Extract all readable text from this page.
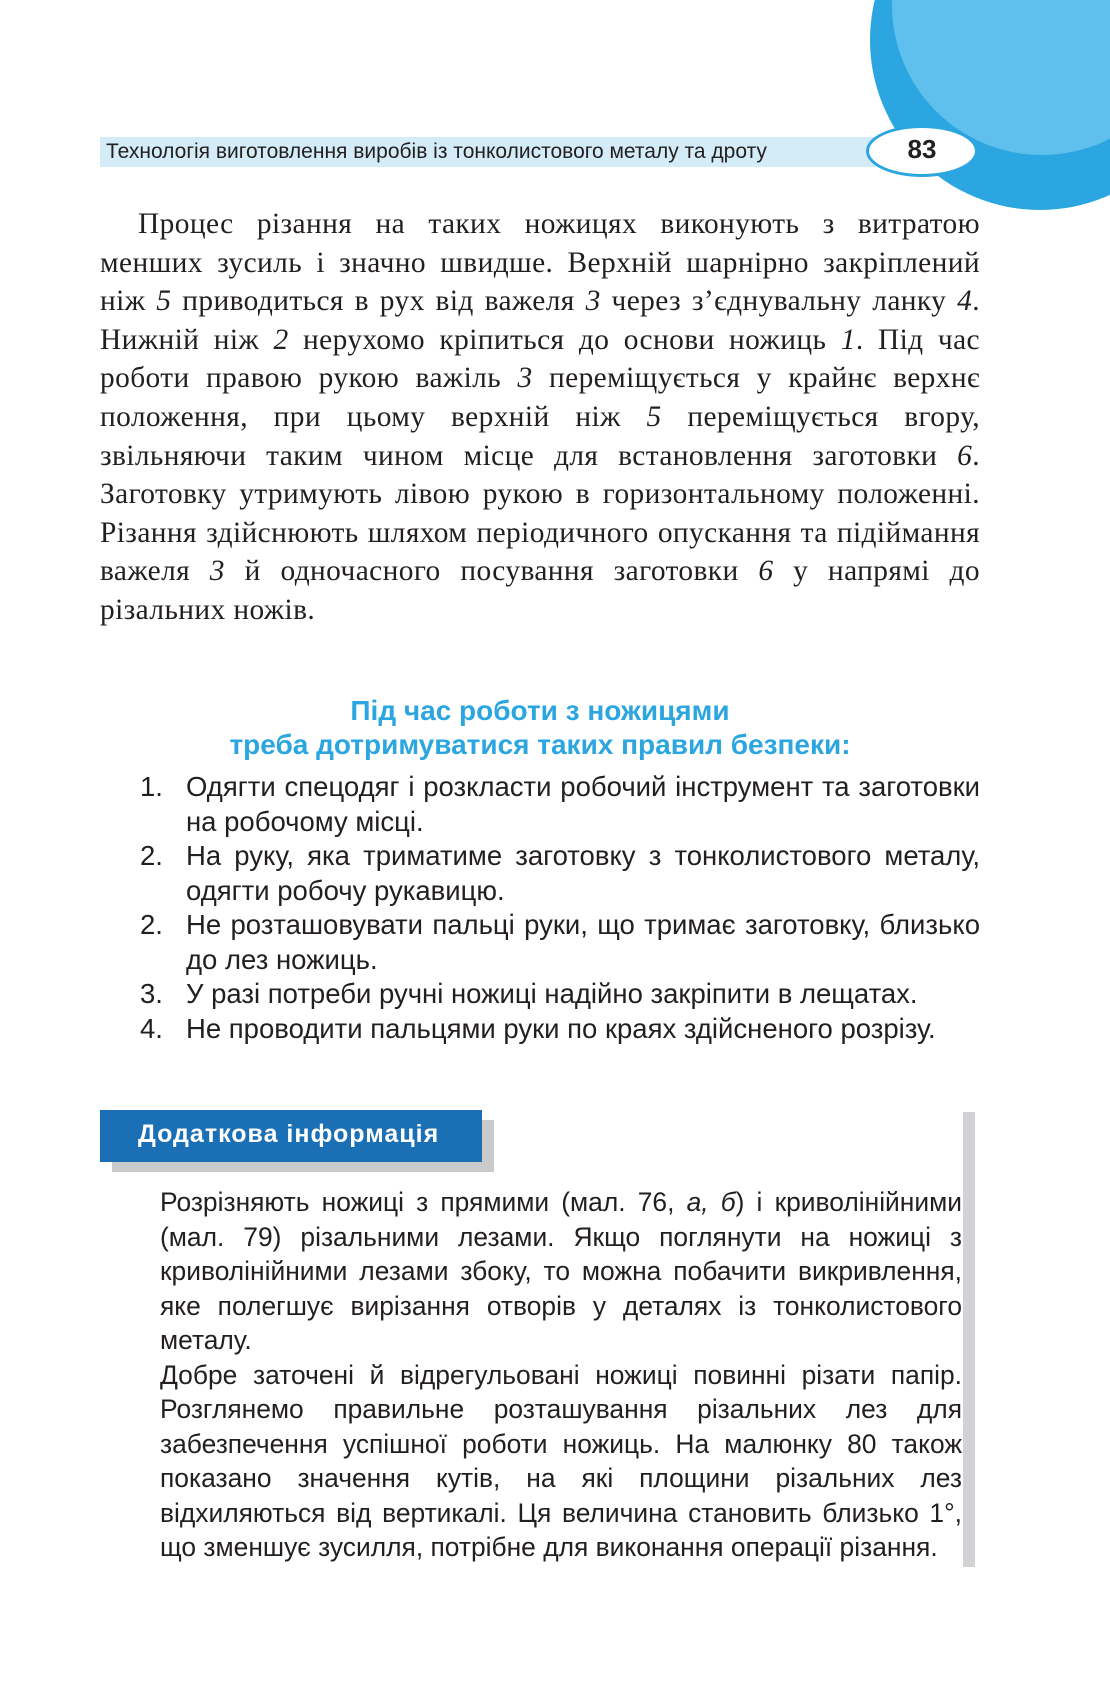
Технологія виготовлення виробів із тонколистового металу та дроту	83

Процес різання на таких ножицях виконують з витратою менших зусиль і значно швидше. Верхній шарнірно закріплений ніж 5 приводиться в рух від важеля 3 через з’єднувальну ланку 4. Нижній ніж 2 нерухомо кріпиться до основи ножиць 1. Під час роботи правою рукою важіль 3 переміщується у крайнє верхнє положення, при цьому верхній ніж 5 переміщується вгору, звільняючи таким чином місце для встановлення заготовки 6. Заготовку утримують лівою рукою в горизонтальному положенні. Різання здійснюють шляхом періодичного опускання та підіймання важеля 3 й одночасного посування заготовки 6 у напрямі до різальних ножів.

Під час роботи з ножицями
треба дотримуватися таких правил безпеки:
1. Одягти спецодяг і розкласти робочий інструмент та заготовки на робочому місці.
2. На руку, яка триматиме заготовку з тонколистового металу, одягти робочу рукавицю.
2. Не розташовувати пальці руки, що тримає заготовку, близько до лез ножиць.
3. У разі потреби ручні ножиці надійно закріпити в лещатах.
4. Не проводити пальцями руки по краях здійсненого розрізу.
Додаткова інформація

Розрізняють ножиці з прямими (мал. 76, а, б) і криволінійними (мал. 79) різальними лезами. Якщо поглянути на ножиці з криволінійними лезами збоку, то можна побачити викривлення, яке полегшує вирізання отворів у деталях із тонколистового металу.

Добре заточені й відрегульовані ножиці повинні різати папір. Розглянемо правильне розташування різальних лез для забезпечення успішної роботи ножиць. На малюнку 80 також показано значення кутів, на які площини різальних лез відхиляються від вертикалі. Ця величина становить близько 1°, що зменшує зусилля, потрібне для виконання операції різання.
